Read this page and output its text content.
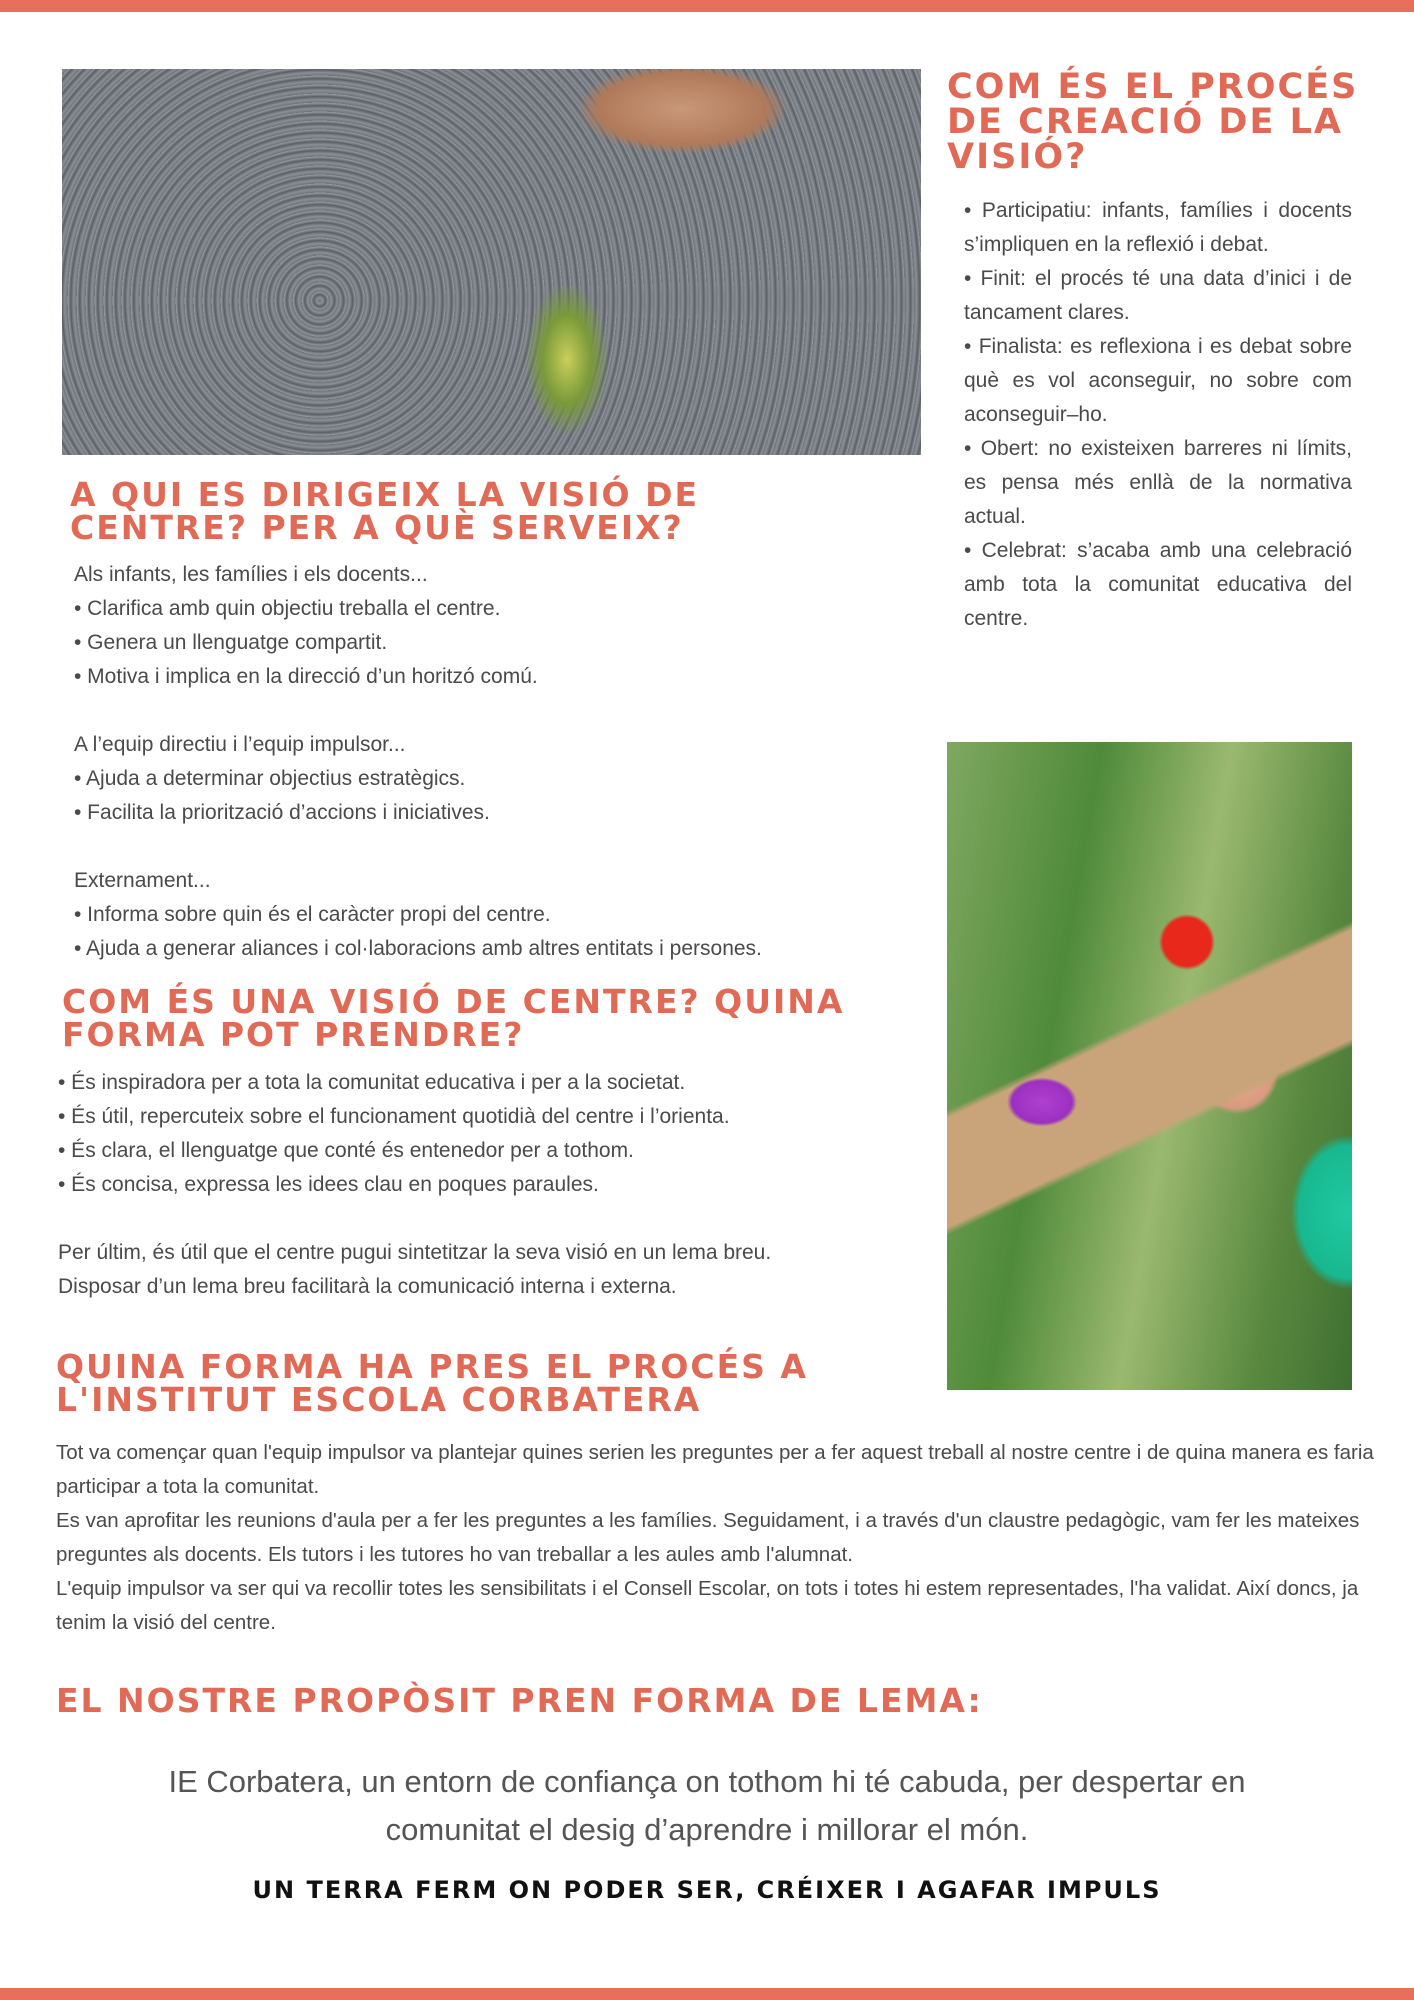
COM ÉS EL PROCÉS DE CREACIÓ DE LA VISIÓ?

• Participatiu: infants, famílies i docents s’impliquen en la reflexió i debat.

• Finit: el procés té una data d’inici i de tancament clares.

• Finalista: es reflexiona i es debat sobre què es vol aconseguir, no sobre com aconseguir–ho.

• Obert: no existeixen barreres ni límits, es pensa més enllà de la normativa actual.

• Celebrat: s’acaba amb una celebració amb tota la comunitat educativa del centre.

A QUI ES DIRIGEIX LA VISIÓ DE CENTRE? PER A QUÈ SERVEIX?

Als infants, les famílies i els docents...

• Clarifica amb quin objectiu treballa el centre.

• Genera un llenguatge compartit.

• Motiva i implica en la direcció d’un horitzó comú.

A l’equip directiu i l’equip impulsor...

• Ajuda a determinar objectius estratègics.

• Facilita la priorització d’accions i iniciatives.

Externament...

• Informa sobre quin és el caràcter propi del centre.

• Ajuda a generar aliances i col·laboracions amb altres entitats i persones.

COM ÉS UNA VISIÓ DE CENTRE? QUINA FORMA POT PRENDRE?

• És inspiradora per a tota la comunitat educativa i per a la societat.

• És útil, repercuteix sobre el funcionament quotidià del centre i l’orienta.

• És clara, el llenguatge que conté és entenedor per a tothom.

• És concisa, expressa les idees clau en poques paraules.

Per últim, és útil que el centre pugui sintetitzar la seva visió en un lema breu. Disposar d’un lema breu facilitarà la comunicació interna i externa.

QUINA FORMA HA PRES EL PROCÉS A L'INSTITUT ESCOLA CORBATERA

Tot va començar quan l'equip impulsor va plantejar quines serien les preguntes per a fer aquest treball al nostre centre i de quina manera es faria participar a tota la comunitat.

Es van aprofitar les reunions d'aula per a fer les preguntes a les famílies. Seguidament, i a través d'un claustre pedagògic, vam fer les mateixes preguntes als docents. Els tutors i les tutores ho van treballar a les aules amb l'alumnat.

L'equip impulsor va ser qui va recollir totes les sensibilitats i el Consell Escolar, on tots i totes hi estem representades, l'ha validat. Així doncs, ja tenim la visió del centre.

EL NOSTRE PROPÒSIT PREN FORMA DE LEMA:

IE Corbatera, un entorn de confiança on tothom hi té cabuda, per despertar en comunitat el desig d’aprendre i millorar el món.

UN TERRA FERM ON PODER SER, CRÉIXER I AGAFAR IMPULS
